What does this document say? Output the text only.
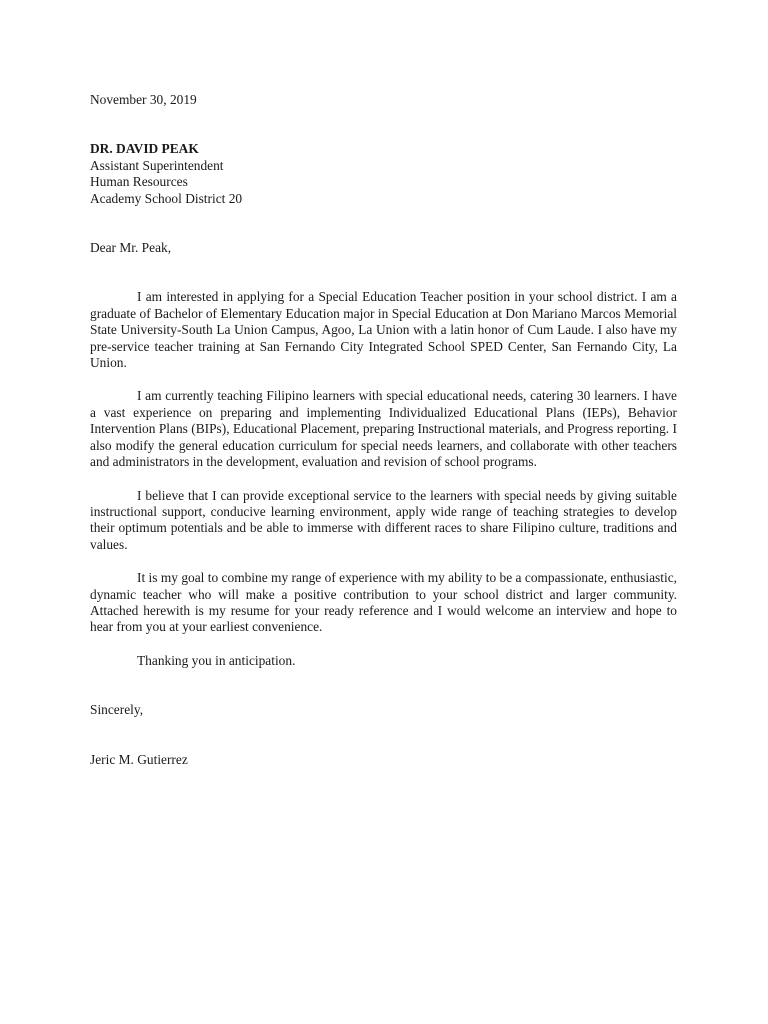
November 30, 2019
DR. DAVID PEAK
Assistant Superintendent
Human Resources
Academy School District 20
Dear Mr. Peak,

I am interested in applying for a Special Education Teacher position in your school district. I am a graduate of Bachelor of Elementary Education major in Special Education at Don Mariano Marcos Memorial State University-South La Union Campus, Agoo, La Union with a latin honor of Cum Laude. I also have my pre-service teacher training at San Fernando City Integrated School SPED Center, San Fernando City, La Union.

I am currently teaching Filipino learners with special educational needs, catering 30 learners. I have a vast experience on preparing and implementing Individualized Educational Plans (IEPs), Behavior Intervention Plans (BIPs), Educational Placement, preparing Instructional materials, and Progress reporting. I also modify the general education curriculum for special needs learners, and collaborate with other teachers and administrators in the development, evaluation and revision of school programs.

I believe that I can provide exceptional service to the learners with special needs by giving suitable instructional support, conducive learning environment, apply wide range of teaching strategies to develop their optimum potentials and be able to immerse with different races to share Filipino culture, traditions and values.

It is my goal to combine my range of experience with my ability to be a compassionate, enthusiastic, dynamic teacher who will make a positive contribution to your school district and larger community. Attached herewith is my resume for your ready reference and I would welcome an interview and hope to hear from you at your earliest convenience.

Thanking you in anticipation.
Sincerely,
Jeric M. Gutierrez
